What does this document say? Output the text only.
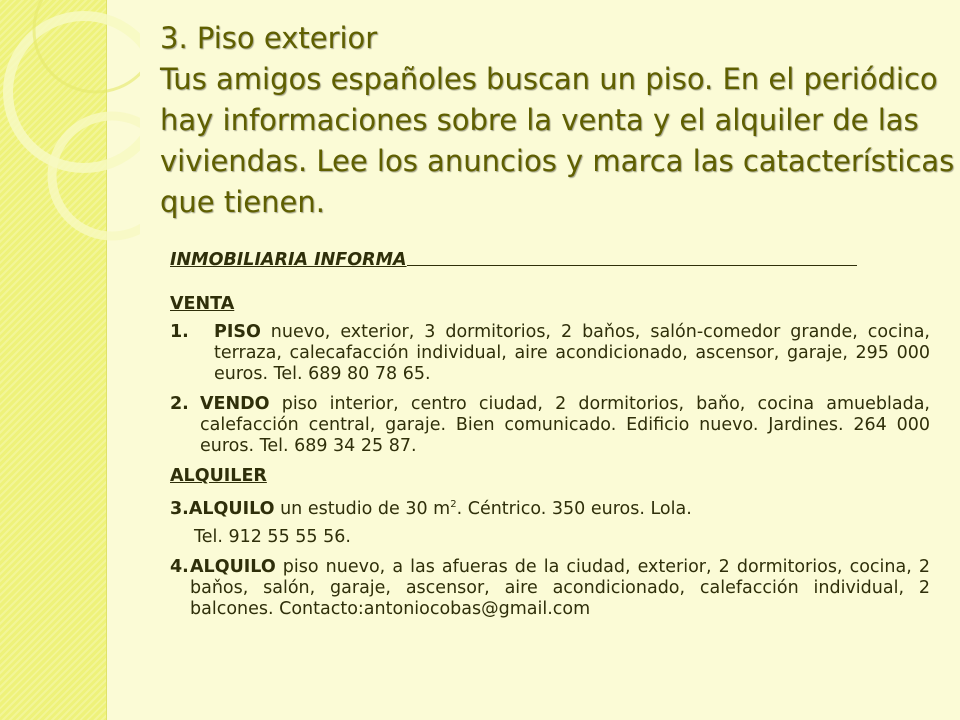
3. Piso exterior
Tus amigos españoles buscan un piso. En el periódico
hay informaciones sobre la venta y el alquiler de las
viviendas. Lee los anuncios y marca las catacterísticas
que tienen.

INMOBILIARIA INFORMA

VENTA

1.	PISO nuevo, exterior, 3 dormitorios, 2 baňos, salón-comedor grande, cocina, terraza, calecafacción individual, aire acondicionado, ascensor, garaje, 295 000 euros. Tel. 689 80 78 65.
2. VENDO piso interior, centro ciudad, 2 dormitorios, baňo, cocina amueblada, calefacción central, garaje. Bien comunicado. Edificio nuevo. Jardines. 264 000 euros. Tel. 689 34 25 87.

ALQUILER

3.ALQUILO un estudio de 30 $m^2$. Céntrico. 350 euros. Lola.

Tel. 912 55 55 56.

4. ALQUILO piso nuevo, a las afueras de la ciudad, exterior, 2 dormitorios, cocina, 2 baňos, salón, garaje, ascensor, aire acondicionado, calefacción individual, 2 balcones. Contacto:antoniocobas@gmail.com
